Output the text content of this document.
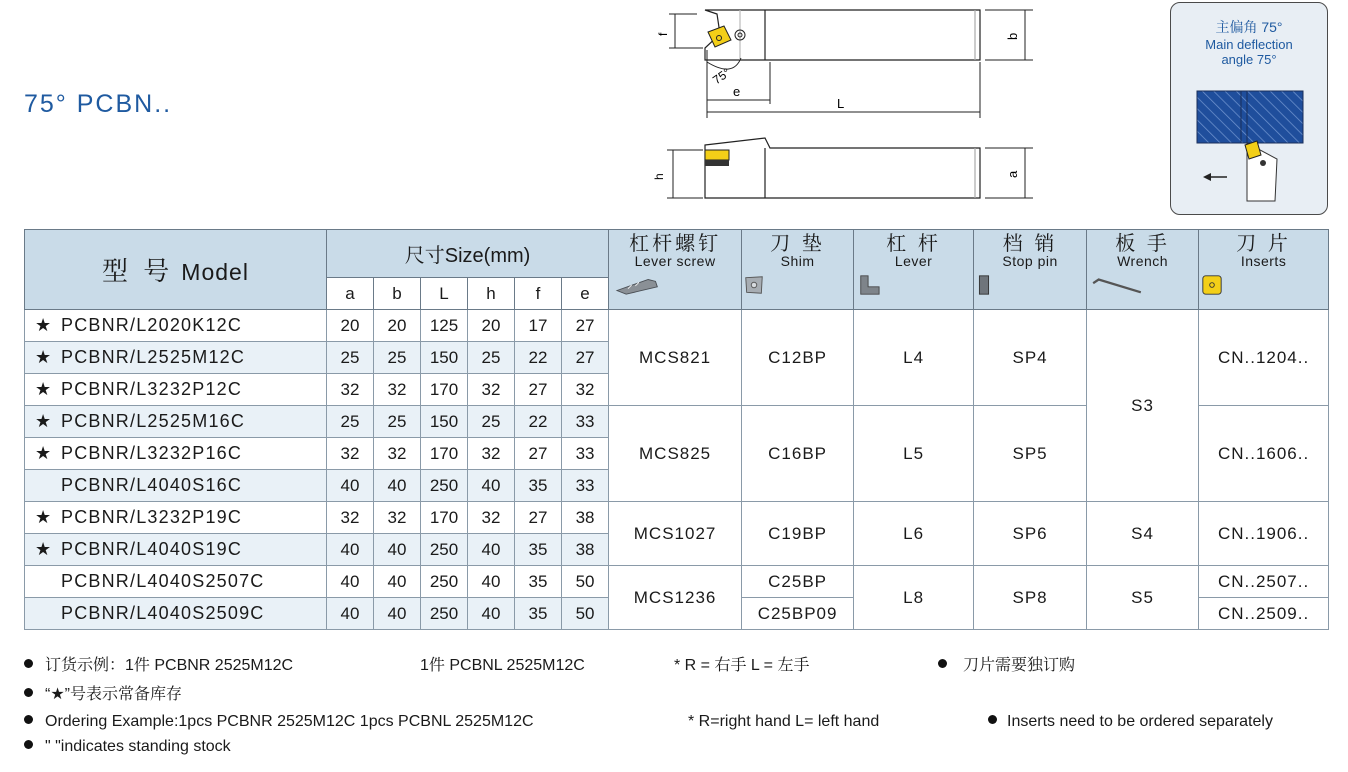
75° PCBN..
f	b
75°
e
L
h	a
主偏角 75°
Main deflection
angle 75°
型 号 Model	尺寸Size(mm)						杠杆螺钉
Lever screw	刀 垫
Shim	杠 杆
Lever	档 销
Stop pin	板 手
Wrench	刀 片
Inserts

	a	b	L	h	f	e						
★ PCBNR/L2020K12C	20	20	125	20	17	27	MCS821	C12BP	L4	SP4	S3	CN..1204..
★ PCBNR/L2525M12C	25	25	150	25	22	27						
★ PCBNR/L3232P12C	32	32	170	32	27	32						
★ PCBNR/L2525M16C	25	25	150	25	22	33	MCS825	C16BP	L5	SP5		CN..1606..
★ PCBNR/L3232P16C	32	32	170	32	27	33						
PCBNR/L4040S16C	40	40	250	40	35	33						
★ PCBNR/L3232P19C	32	32	170	32	27	38	MCS1027	C19BP	L6	SP6	S4	CN..1906..
★ PCBNR/L4040S19C	40	40	250	40	35	38						
PCBNR/L4040S2507C	40	40	250	40	35	50	MCS1236	C25BP	L8	SP8	S5	CN..2507..
PCBNR/L4040S2509C	40	40	250	40	35	50		C25BP09				CN..2509..
订货示例：1件 PCBNR 2525M12C	1件 PCBNL 2525M12C	* R = 右手 L = 左手	刀片需要独订购
“★”号表示常备库存
Ordering Example:1pcs PCBNR 2525M12C 1pcs PCBNL 2525M12C	* R=right hand L= left hand	Inserts need to be ordered separately
" "indicates standing stock
